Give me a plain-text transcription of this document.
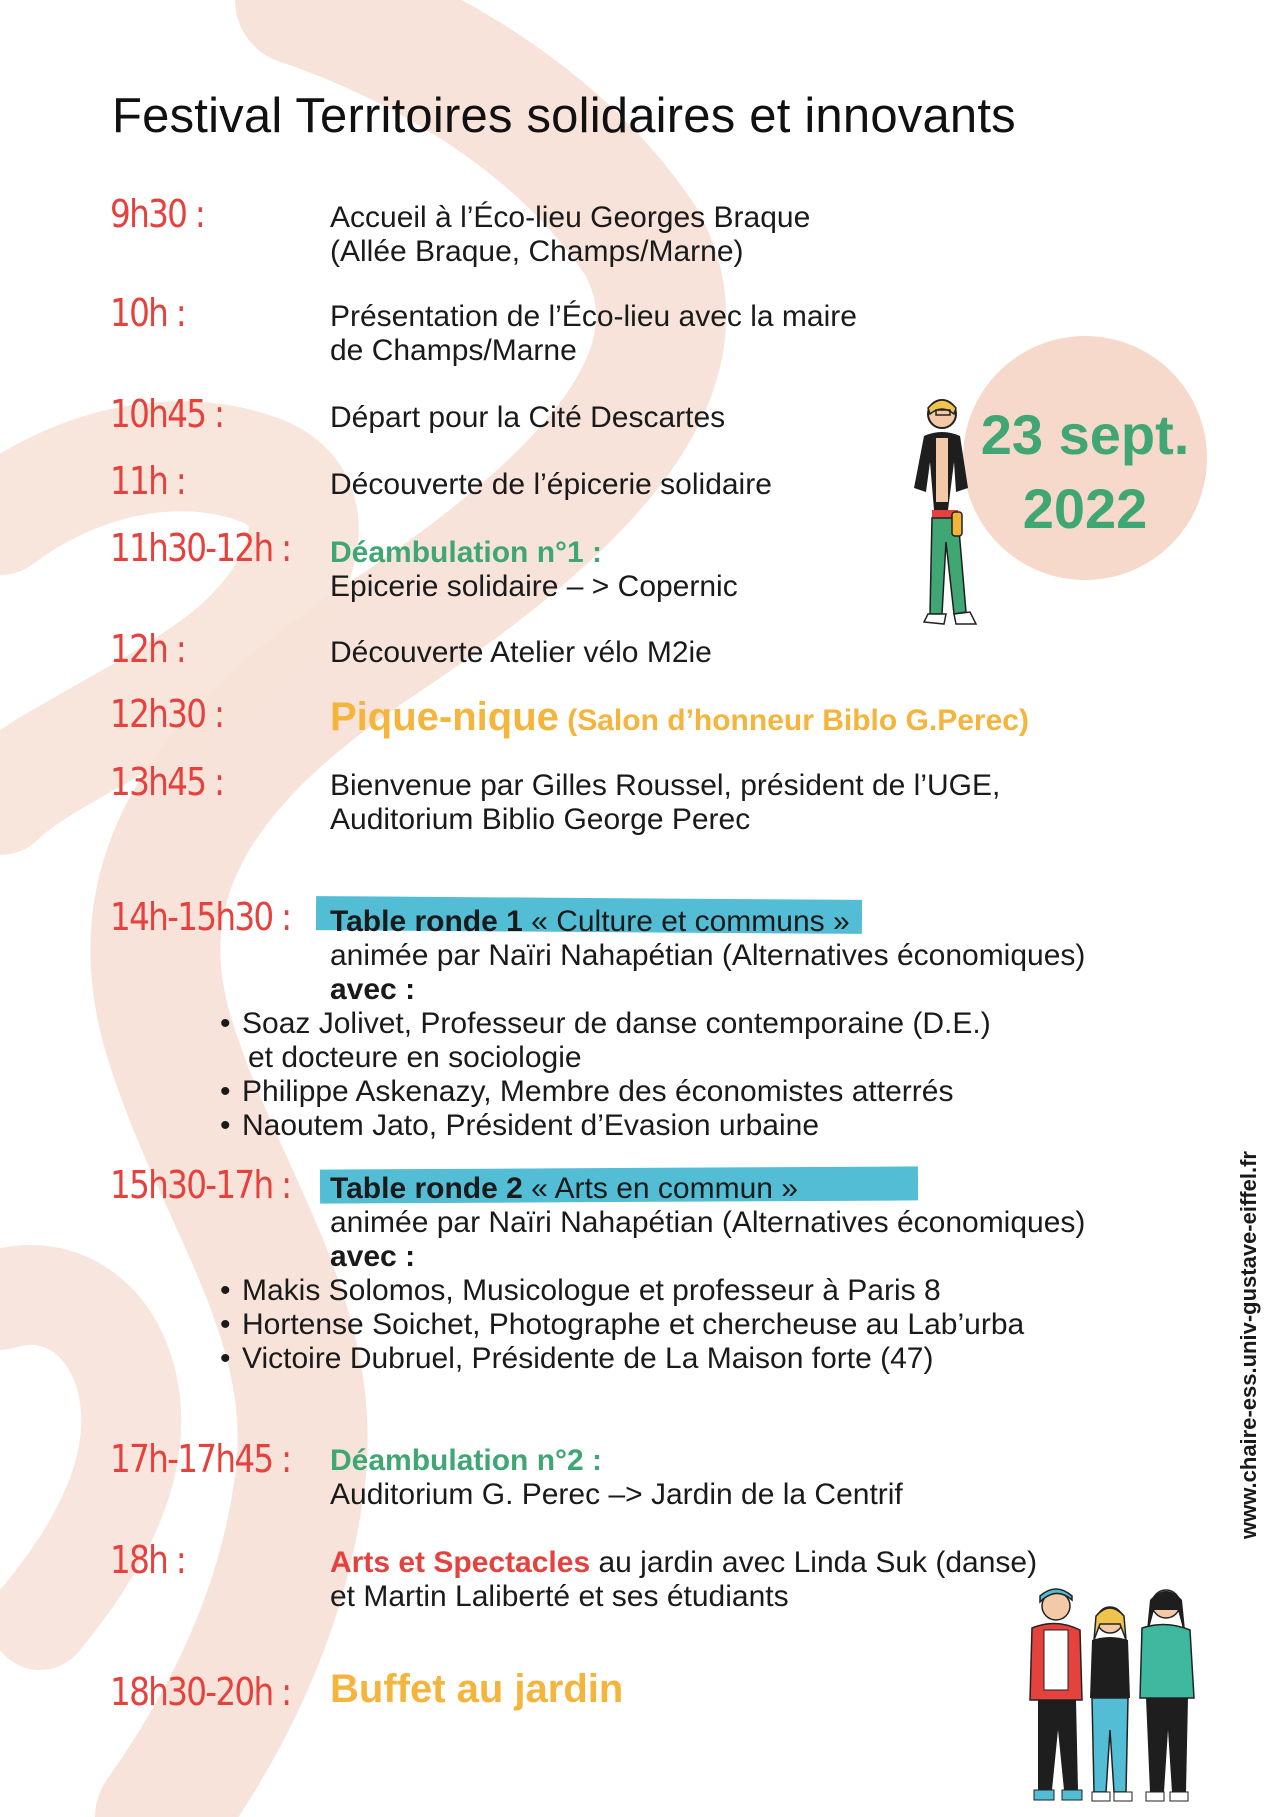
Festival Territoires solidaires et innovants
9h30 :	Accueil à l’Éco-lieu Georges Braque
(Allée Braque, Champs/Marne)
10h :	Présentation de l’Éco-lieu avec la maire
de Champs/Marne
10h45 :	Départ pour la Cité Descartes
11h :	Découverte de l’épicerie solidaire
11h30-12h : Déambulation n°1 :
Epicerie solidaire – > Copernic
12h :	Découverte Atelier vélo M2ie
12h30 :	Pique-nique (Salon d’honneur Biblo G.Perec)
13h45 :	Bienvenue par Gilles Roussel, président de l’UGE,
Auditorium Biblio George Perec
14h-15h30 : Table ronde 1 « Culture et communs »
animée par Naïri Nahapétian (Alternatives économiques)
avec :
• Soaz Jolivet, Professeur de danse contemporaine (D.E.)
et docteure en sociologie
• Philippe Askenazy, Membre des économistes atterrés
• Naoutem Jato, Président d’Evasion urbaine
15h30-17h : Table ronde 2 « Arts en commun »
animée par Naïri Nahapétian (Alternatives économiques)
avec :
• Makis Solomos, Musicologue et professeur à Paris 8
• Hortense Soichet, Photographe et chercheuse au Lab’urba
• Victoire Dubruel, Présidente de La Maison forte (47)
17h-17h45 : Déambulation n°2 :
Auditorium G. Perec –> Jardin de la Centrif
18h :	Arts et Spectacles au jardin avec Linda Suk (danse)
et Martin Laliberté et ses étudiants
18h30-20h : Buffet au jardin
23 sept.
2022
www.chaire-ess.univ-gustave-eiffel.fr
